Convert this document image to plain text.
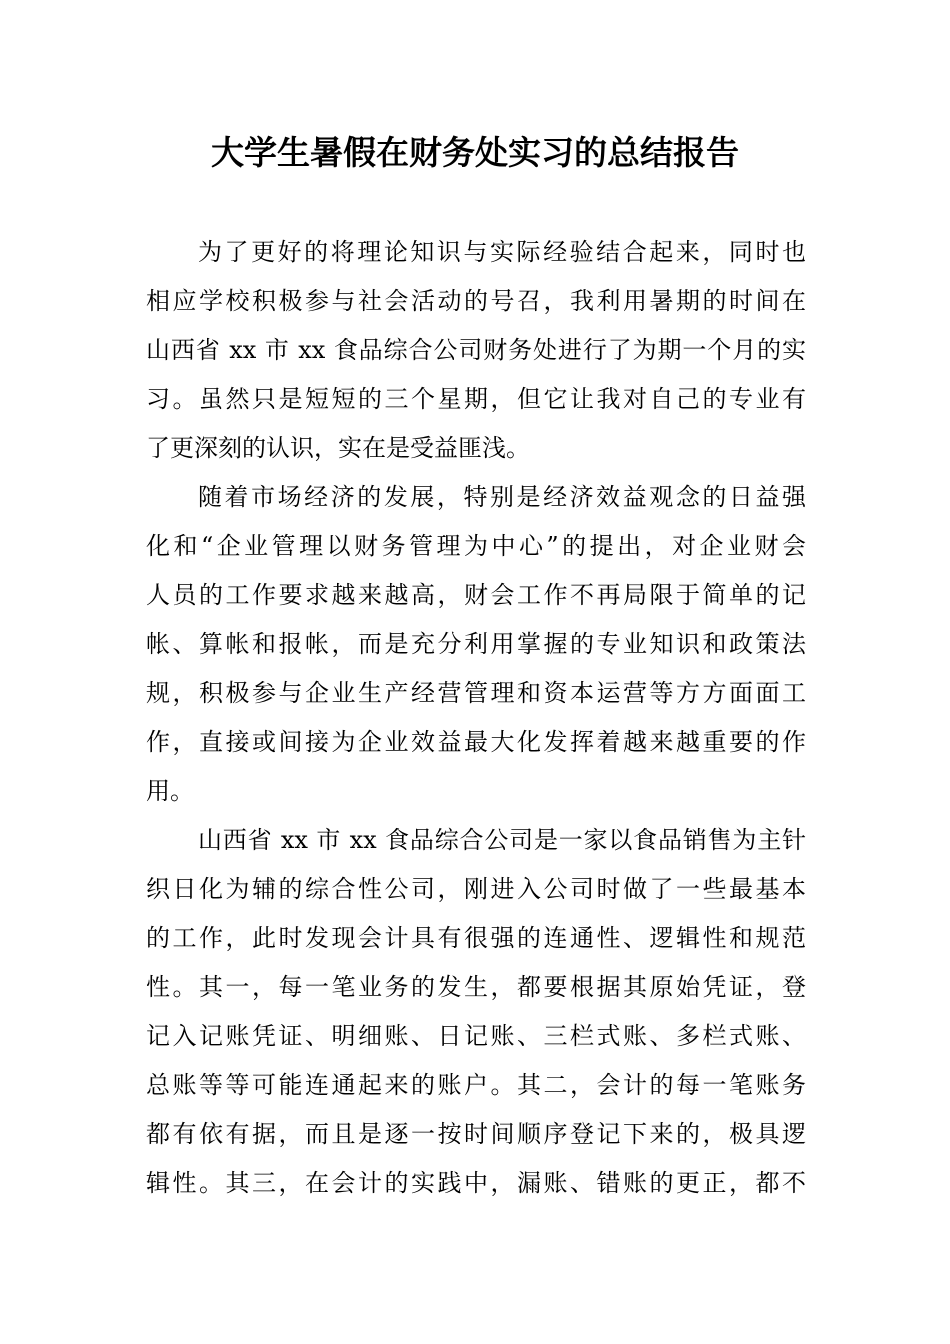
大学生暑假在财务处实习的总结报告

为了更好的将理论知识与实际经验结合起来，同时也
相应学校积极参与社会活动的号召，我利用暑期的时间在
山西省 xx 市 xx 食品综合公司财务处进行了为期一个月的实
习。虽然只是短短的三个星期，但它让我对自己的专业有
了更深刻的认识，实在是受益匪浅。

随着市场经济的发展，特别是经济效益观念的日益强
化和“企业管理以财务管理为中心”的提出，对企业财会
人员的工作要求越来越高，财会工作不再局限于简单的记
帐、算帐和报帐，而是充分利用掌握的专业知识和政策法
规，积极参与企业生产经营管理和资本运营等方方面面工
作，直接或间接为企业效益最大化发挥着越来越重要的作
用。

山西省 xx 市 xx 食品综合公司是一家以食品销售为主针
织日化为辅的综合性公司，刚进入公司时做了一些最基本
的工作，此时发现会计具有很强的连通性、逻辑性和规范
性。其一，每一笔业务的发生，都要根据其原始凭证，登
记入记账凭证、明细账、日记账、三栏式账、多栏式账、
总账等等可能连通起来的账户。其二，会计的每一笔账务
都有依有据，而且是逐一按时间顺序登记下来的，极具逻
辑性。其三，在会计的实践中，漏账、错账的更正，都不
